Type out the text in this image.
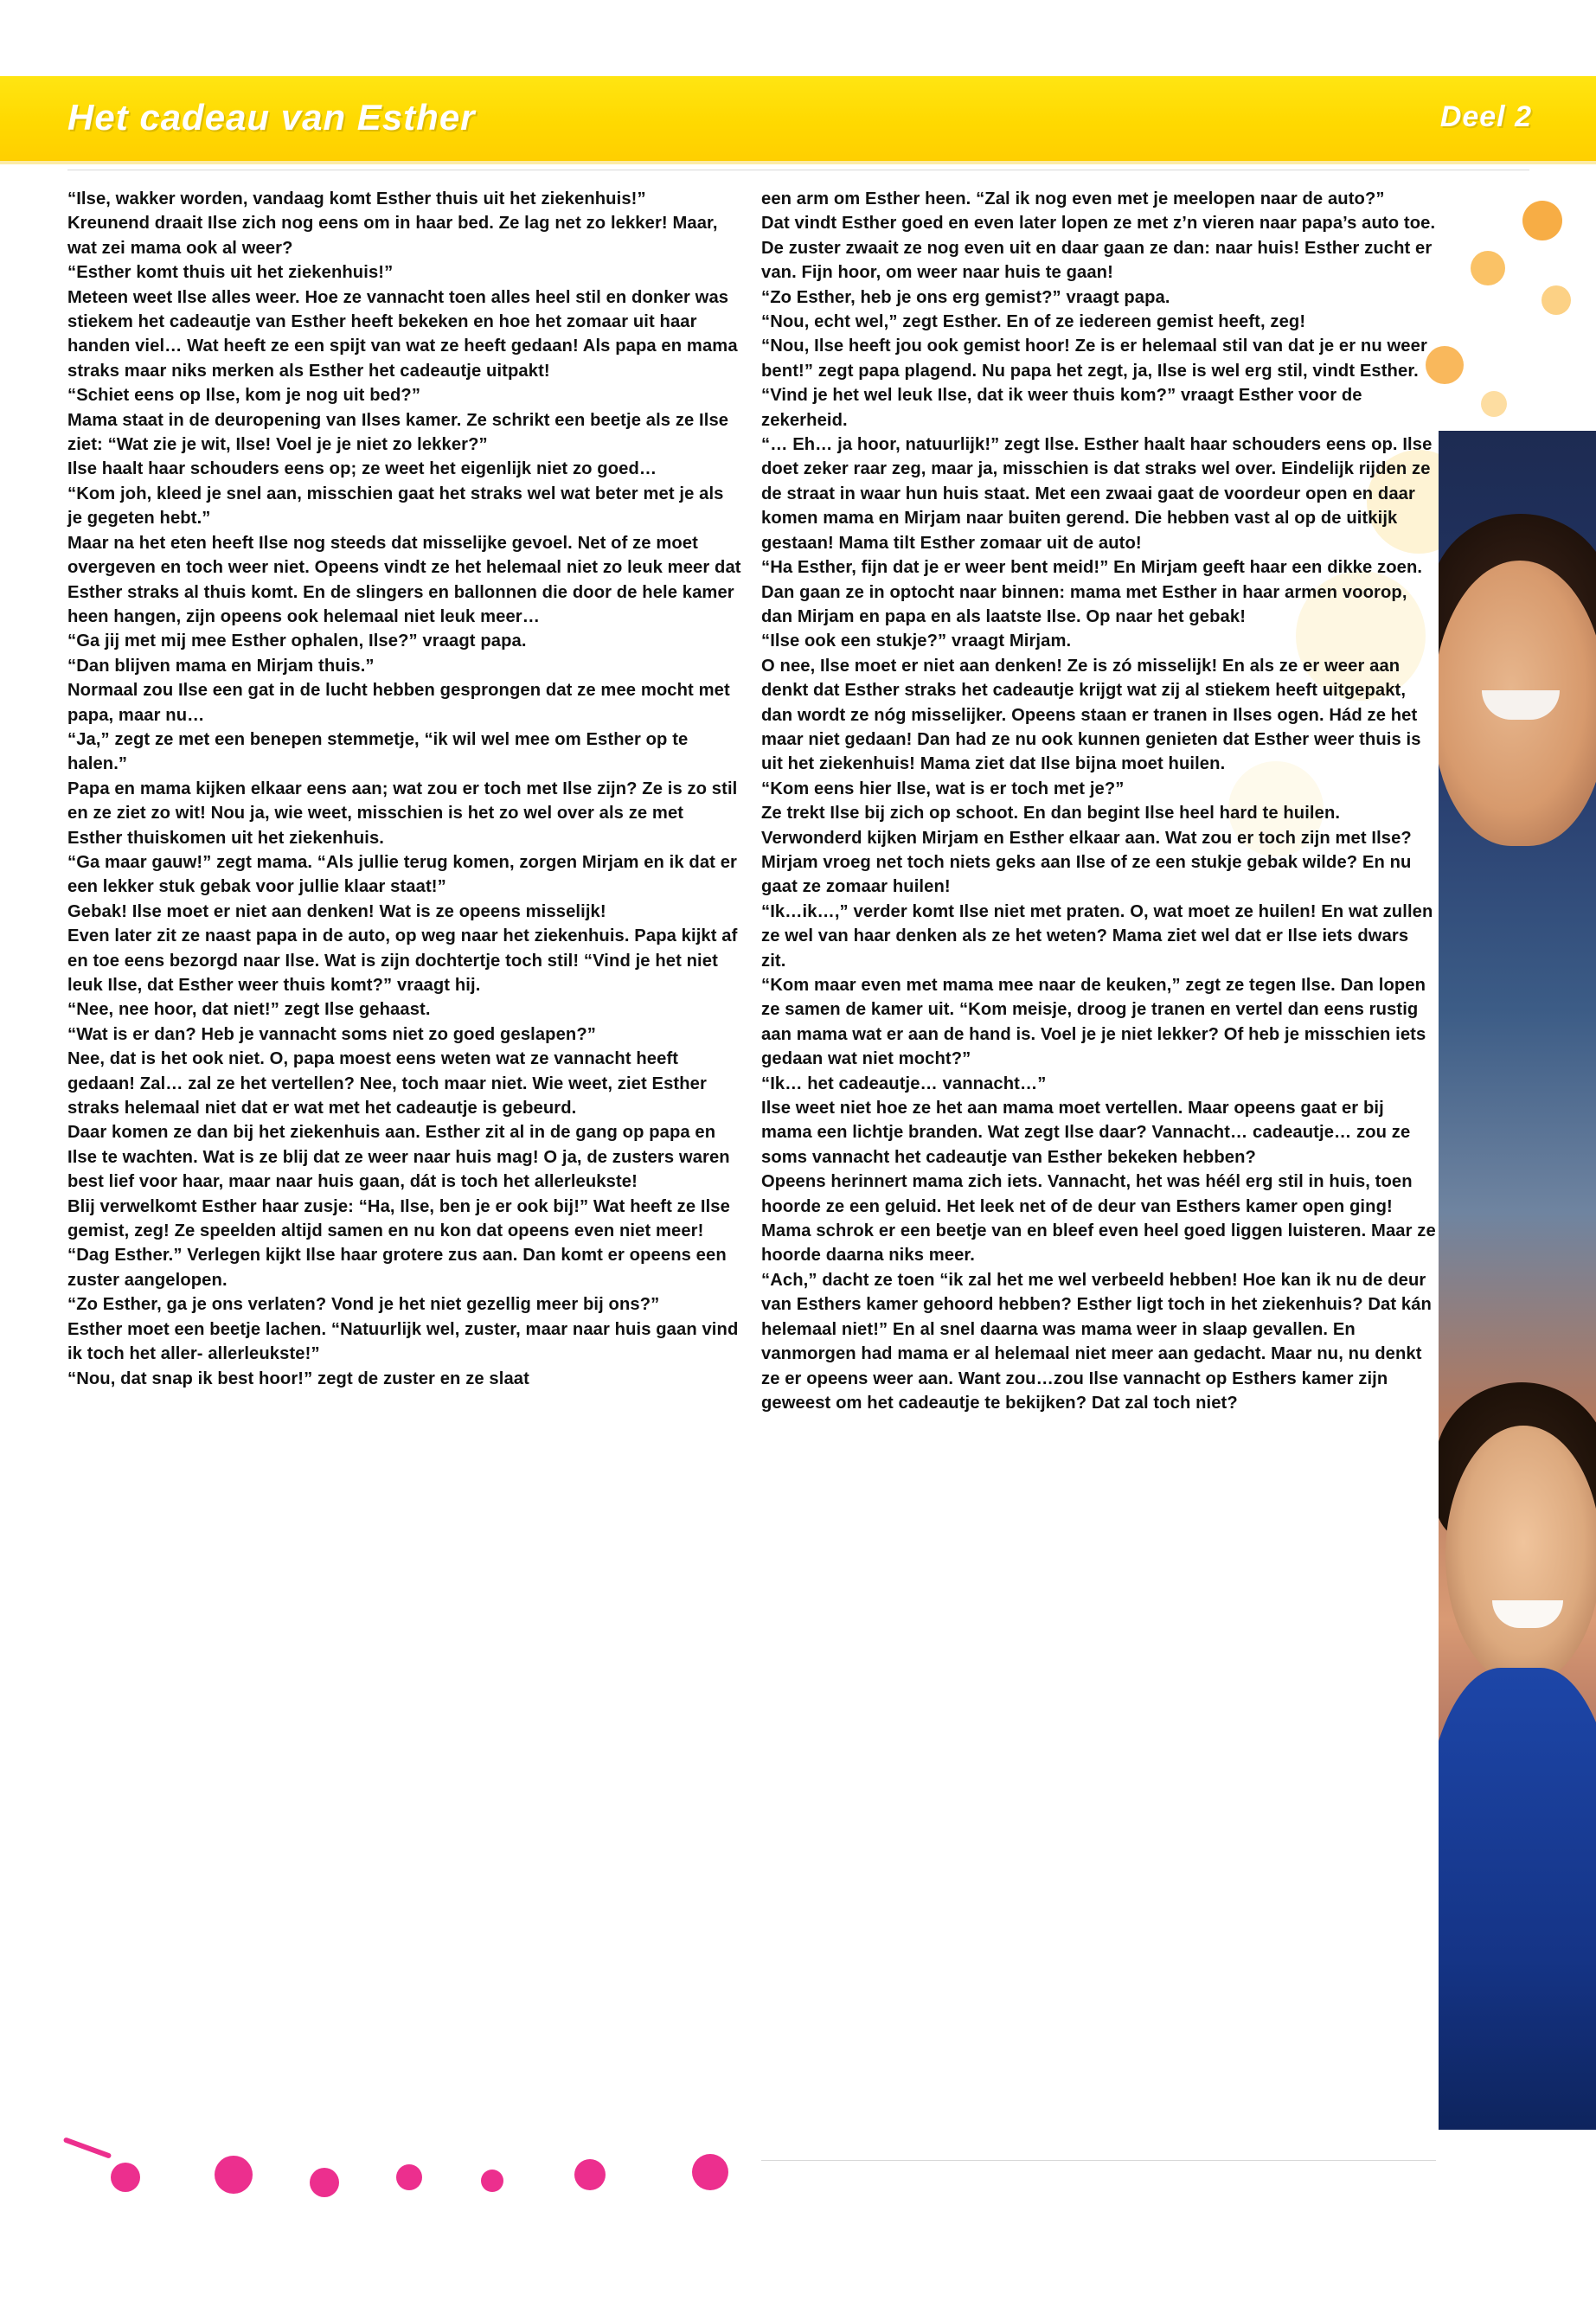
Het cadeau van Esther	Deel 2

“Ilse, wakker worden, vandaag komt Esther thuis uit het ziekenhuis!”
Kreunend draait Ilse zich nog eens om in haar bed. Ze lag net zo lekker! Maar, wat zei mama ook al weer?
“Esther komt thuis uit het ziekenhuis!”
Meteen weet Ilse alles weer. Hoe ze vannacht toen alles heel stil en donker was stiekem het cadeautje van Esther heeft bekeken en hoe het zomaar uit haar handen viel… Wat heeft ze een spijt van wat ze heeft gedaan! Als papa en mama straks maar niks merken als Esther het cadeautje uitpakt!
“Schiet eens op Ilse, kom je nog uit bed?”
Mama staat in de deuropening van Ilses kamer. Ze schrikt een beetje als ze Ilse ziet: “Wat zie je wit, Ilse! Voel je je niet zo lekker?”
Ilse haalt haar schouders eens op; ze weet het eigenlijk niet zo goed…
“Kom joh, kleed je snel aan, misschien gaat het straks wel wat beter met je als je gegeten hebt.”
Maar na het eten heeft Ilse nog steeds dat misselijke gevoel. Net of ze moet overgeven en toch weer niet. Opeens vindt ze het helemaal niet zo leuk meer dat Esther straks al thuis komt. En de slingers en ballonnen die door de hele kamer heen hangen, zijn opeens ook helemaal niet leuk meer…
“Ga jij met mij mee Esther ophalen, Ilse?” vraagt papa.
“Dan blijven mama en Mirjam thuis.”
Normaal zou Ilse een gat in de lucht hebben gesprongen dat ze mee mocht met papa, maar nu…
“Ja,” zegt ze met een benepen stemmetje, “ik wil wel mee om Esther op te halen.”
Papa en mama kijken elkaar eens aan; wat zou er toch met Ilse zijn? Ze is zo stil en ze ziet zo wit! Nou ja, wie weet, misschien is het zo wel over als ze met Esther thuiskomen uit het ziekenhuis.
“Ga maar gauw!” zegt mama. “Als jullie terug komen, zorgen Mirjam en ik dat er een lekker stuk gebak voor jullie klaar staat!”
Gebak! Ilse moet er niet aan denken! Wat is ze opeens misselijk!
Even later zit ze naast papa in de auto, op weg naar het ziekenhuis. Papa kijkt af en toe eens bezorgd naar Ilse. Wat is zijn dochtertje toch stil! “Vind je het niet leuk Ilse, dat Esther weer thuis komt?” vraagt hij.
“Nee, nee hoor, dat niet!” zegt Ilse gehaast.
“Wat is er dan? Heb je vannacht soms niet zo goed geslapen?”
Nee, dat is het ook niet. O, papa moest eens weten wat ze vannacht heeft gedaan! Zal… zal ze het vertellen? Nee, toch maar niet. Wie weet, ziet Esther straks helemaal niet dat er wat met het cadeautje is gebeurd.
Daar komen ze dan bij het ziekenhuis aan. Esther zit al in de gang op papa en Ilse te wachten. Wat is ze blij dat ze weer naar huis mag! O ja, de zusters waren best lief voor haar, maar naar huis gaan, dát is toch het allerleukste!
Blij verwelkomt Esther haar zusje: “Ha, Ilse, ben je er ook bij!” Wat heeft ze Ilse gemist, zeg! Ze speelden altijd samen en nu kon dat opeens even niet meer!
“Dag Esther.” Verlegen kijkt Ilse haar grotere zus aan. Dan komt er opeens een zuster aangelopen.
“Zo Esther, ga je ons verlaten? Vond je het niet gezellig meer bij ons?”
Esther moet een beetje lachen. “Natuurlijk wel, zuster, maar naar huis gaan vind ik toch het aller- allerleukste!”
“Nou, dat snap ik best hoor!” zegt de zuster en ze slaat

een arm om Esther heen. “Zal ik nog even met je meelopen naar de auto?”
Dat vindt Esther goed en even later lopen ze met z’n vieren naar papa’s auto toe. De zuster zwaait ze nog even uit en daar gaan ze dan: naar huis! Esther zucht er van. Fijn hoor, om weer naar huis te gaan!
“Zo Esther, heb je ons erg gemist?” vraagt papa.
“Nou, echt wel,” zegt Esther. En of ze iedereen gemist heeft, zeg!
“Nou, Ilse heeft jou ook gemist hoor! Ze is er helemaal stil van dat je er nu weer bent!” zegt papa plagend. Nu papa het zegt, ja, Ilse is wel erg stil, vindt Esther.
“Vind je het wel leuk Ilse, dat ik weer thuis kom?” vraagt Esther voor de zekerheid.
“… Eh… ja hoor, natuurlijk!” zegt Ilse. Esther haalt haar schouders eens op. Ilse doet zeker raar zeg, maar ja, misschien is dat straks wel over. Eindelijk rijden ze de straat in waar hun huis staat. Met een zwaai gaat de voordeur open en daar komen mama en Mirjam naar buiten gerend. Die hebben vast al op de uitkijk gestaan! Mama tilt Esther zomaar uit de auto!
“Ha Esther, fijn dat je er weer bent meid!” En Mirjam geeft haar een dikke zoen. Dan gaan ze in optocht naar binnen: mama met Esther in haar armen voorop, dan Mirjam en papa en als laatste Ilse. Op naar het gebak!
“Ilse ook een stukje?” vraagt Mirjam.
O nee, Ilse moet er niet aan denken! Ze is zó misselijk! En als ze er weer aan denkt dat Esther straks het cadeautje krijgt wat zij al stiekem heeft uitgepakt, dan wordt ze nóg misselijker. Opeens staan er tranen in Ilses ogen. Hád ze het maar niet gedaan! Dan had ze nu ook kunnen genieten dat Esther weer thuis is uit het ziekenhuis! Mama ziet dat Ilse bijna moet huilen.
“Kom eens hier Ilse, wat is er toch met je?”
Ze trekt Ilse bij zich op schoot. En dan begint Ilse heel hard te huilen. Verwonderd kijken Mirjam en Esther elkaar aan. Wat zou er toch zijn met Ilse? Mirjam vroeg net toch niets geks aan Ilse of ze een stukje gebak wilde? En nu gaat ze zomaar huilen!
“Ik…ik…,” verder komt Ilse niet met praten. O, wat moet ze huilen! En wat zullen ze wel van haar denken als ze het weten? Mama ziet wel dat er Ilse iets dwars zit.
“Kom maar even met mama mee naar de keuken,” zegt ze tegen Ilse. Dan lopen ze samen de kamer uit. “Kom meisje, droog je tranen en vertel dan eens rustig aan mama wat er aan de hand is. Voel je je niet lekker? Of heb je misschien iets gedaan wat niet mocht?”
“Ik… het cadeautje… vannacht…”
Ilse weet niet hoe ze het aan mama moet vertellen. Maar opeens gaat er bij mama een lichtje branden. Wat zegt Ilse daar? Vannacht… cadeautje… zou ze soms vannacht het cadeautje van Esther bekeken hebben?
Opeens herinnert mama zich iets. Vannacht, het was héél erg stil in huis, toen hoorde ze een geluid. Het leek net of de deur van Esthers kamer open ging! Mama schrok er een beetje van en bleef even heel goed liggen luisteren. Maar ze hoorde daarna niks meer.
“Ach,” dacht ze toen “ik zal het me wel verbeeld hebben! Hoe kan ik nu de deur van Esthers kamer gehoord hebben? Esther ligt toch in het ziekenhuis? Dat kán helemaal niet!” En al snel daarna was mama weer in slaap gevallen. En vanmorgen had mama er al helemaal niet meer aan gedacht. Maar nu, nu denkt ze er opeens weer aan. Want zou…zou Ilse vannacht op Esthers kamer zijn geweest om het cadeautje te bekijken? Dat zal toch niet?
